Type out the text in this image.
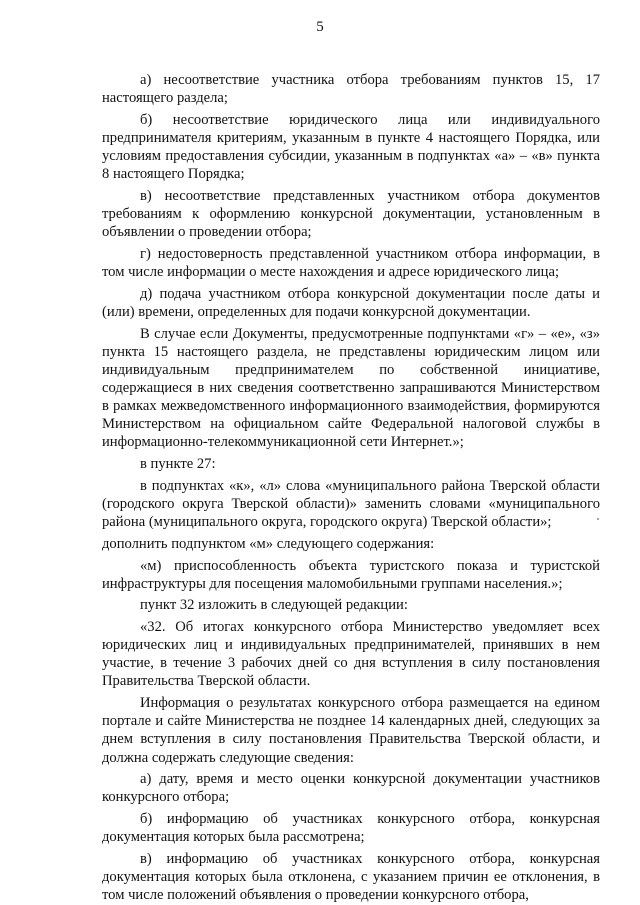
5

а) несоответствие участника отбора требованиям пунктов 15, 17 настоящего раздела;

б) несоответствие юридического лица или индивидуального предпринимателя критериям, указанным в пункте 4 настоящего Порядка, или условиям предоставления субсидии, указанным в подпунктах «а» – «в» пункта 8 настоящего Порядка;

в) несоответствие представленных участником отбора документов требованиям к оформлению конкурсной документации, установленным в объявлении о проведении отбора;

г) недостоверность представленной участником отбора информации, в том числе информации о месте нахождения и адресе юридического лица;

д) подача участником отбора конкурсной документации после даты и (или) времени, определенных для подачи конкурсной документации.

В случае если Документы, предусмотренные подпунктами «г» – «е», «з» пункта 15 настоящего раздела, не представлены юридическим лицом или индивидуальным предпринимателем по собственной инициативе, содержащиеся в них сведения соответственно запрашиваются Министерством в рамках межведомственного информационного взаимодействия, формируются Министерством на официальном сайте Федеральной налоговой службы в информационно-телекоммуникационной сети Интернет.»;

в пункте 27:

в подпунктах «к», «л» слова «муниципального района Тверской области (городского округа Тверской области)» заменить словами «муниципального района (муниципального округа, городского округа) Тверской области»;

дополнить подпунктом «м» следующего содержания:

«м) приспособленность объекта туристского показа и туристской инфраструктуры для посещения маломобильными группами населения.»;

пункт 32 изложить в следующей редакции:

«32. Об итогах конкурсного отбора Министерство уведомляет всех юридических лиц и индивидуальных предпринимателей, принявших в нем участие, в течение 3 рабочих дней со дня вступления в силу постановления Правительства Тверской области.

Информация о результатах конкурсного отбора размещается на едином портале и сайте Министерства не позднее 14 календарных дней, следующих за днем вступления в силу постановления Правительства Тверской области, и должна содержать следующие сведения:

а) дату, время и место оценки конкурсной документации участников конкурсного отбора;

б) информацию об участниках конкурсного отбора, конкурсная документация которых была рассмотрена;

в) информацию об участниках конкурсного отбора, конкурсная документация которых была отклонена, с указанием причин ее отклонения, в том числе положений объявления о проведении конкурсного отбора,
